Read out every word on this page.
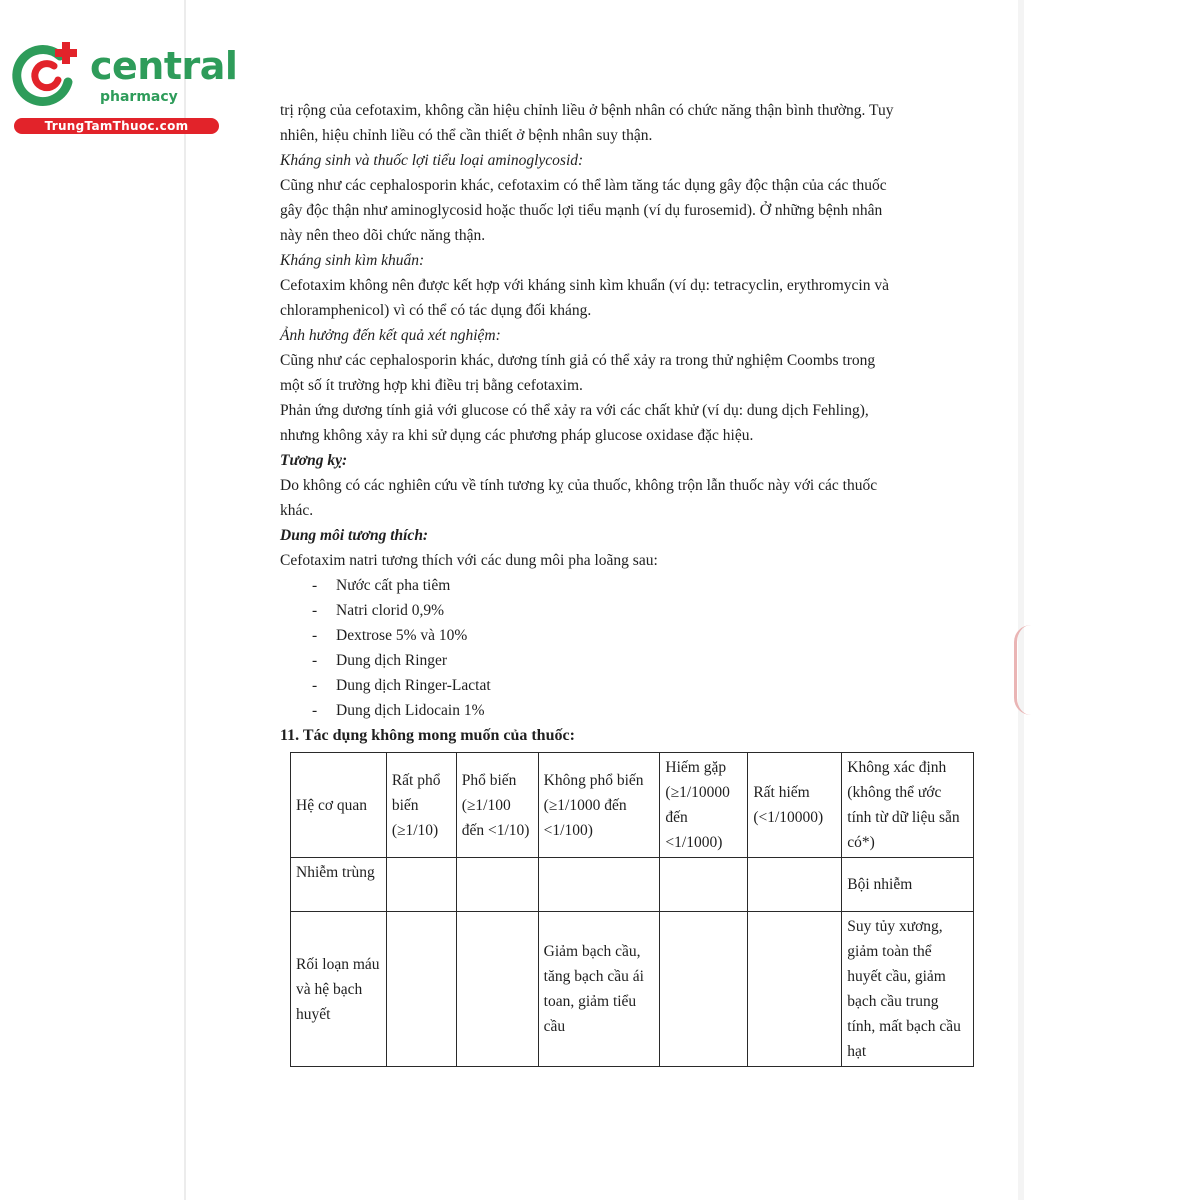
central
pharmacy
TrungTamThuoc.com
trị rộng của cefotaxim, không cần hiệu chỉnh liều ở bệnh nhân có chức năng thận bình thường. Tuy
nhiên, hiệu chỉnh liều có thể cần thiết ở bệnh nhân suy thận.
Kháng sinh và thuốc lợi tiểu loại aminoglycosid:
Cũng như các cephalosporin khác, cefotaxim có thể làm tăng tác dụng gây độc thận của các thuốc
gây độc thận như aminoglycosid hoặc thuốc lợi tiểu mạnh (ví dụ furosemid). Ở những bệnh nhân
này nên theo dõi chức năng thận.
Kháng sinh kìm khuẩn:
Cefotaxim không nên được kết hợp với kháng sinh kìm khuẩn (ví dụ: tetracyclin, erythromycin và
chloramphenicol) vì có thể có tác dụng đối kháng.
Ảnh hưởng đến kết quả xét nghiệm:
Cũng như các cephalosporin khác, dương tính giả có thể xảy ra trong thử nghiệm Coombs trong
một số ít trường hợp khi điều trị bằng cefotaxim.
Phản ứng dương tính giả với glucose có thể xảy ra với các chất khử (ví dụ: dung dịch Fehling),
nhưng không xảy ra khi sử dụng các phương pháp glucose oxidase đặc hiệu.
Tương kỵ:
Do không có các nghiên cứu về tính tương kỵ của thuốc, không trộn lẫn thuốc này với các thuốc
khác.
Dung môi tương thích:
Cefotaxim natri tương thích với các dung môi pha loãng sau:
- Nước cất pha tiêm
- Natri clorid 0,9%
- Dextrose 5% và 10%
- Dung dịch Ringer
- Dung dịch Ringer-Lactat
- Dung dịch Lidocain 1%
11. Tác dụng không mong muốn của thuốc:
Hệ cơ quan	Rất phổ biến (≥1/10)	Phổ biến (≥1/100 đến <1/10)	Không phổ biến (≥1/1000 đến <1/100)	Hiếm gặp (≥1/10000 đến <1/1000)	Rất hiếm (<1/10000)	Không xác định (không thể ước tính từ dữ liệu sẵn có*)
Nhiễm trùng						Bội nhiễm
Rối loạn máu và hệ bạch huyết			Giảm bạch cầu, tăng bạch cầu ái toan, giảm tiểu cầu			Suy tủy xương, giảm toàn thể huyết cầu, giảm bạch cầu trung tính, mất bạch cầu hạt
